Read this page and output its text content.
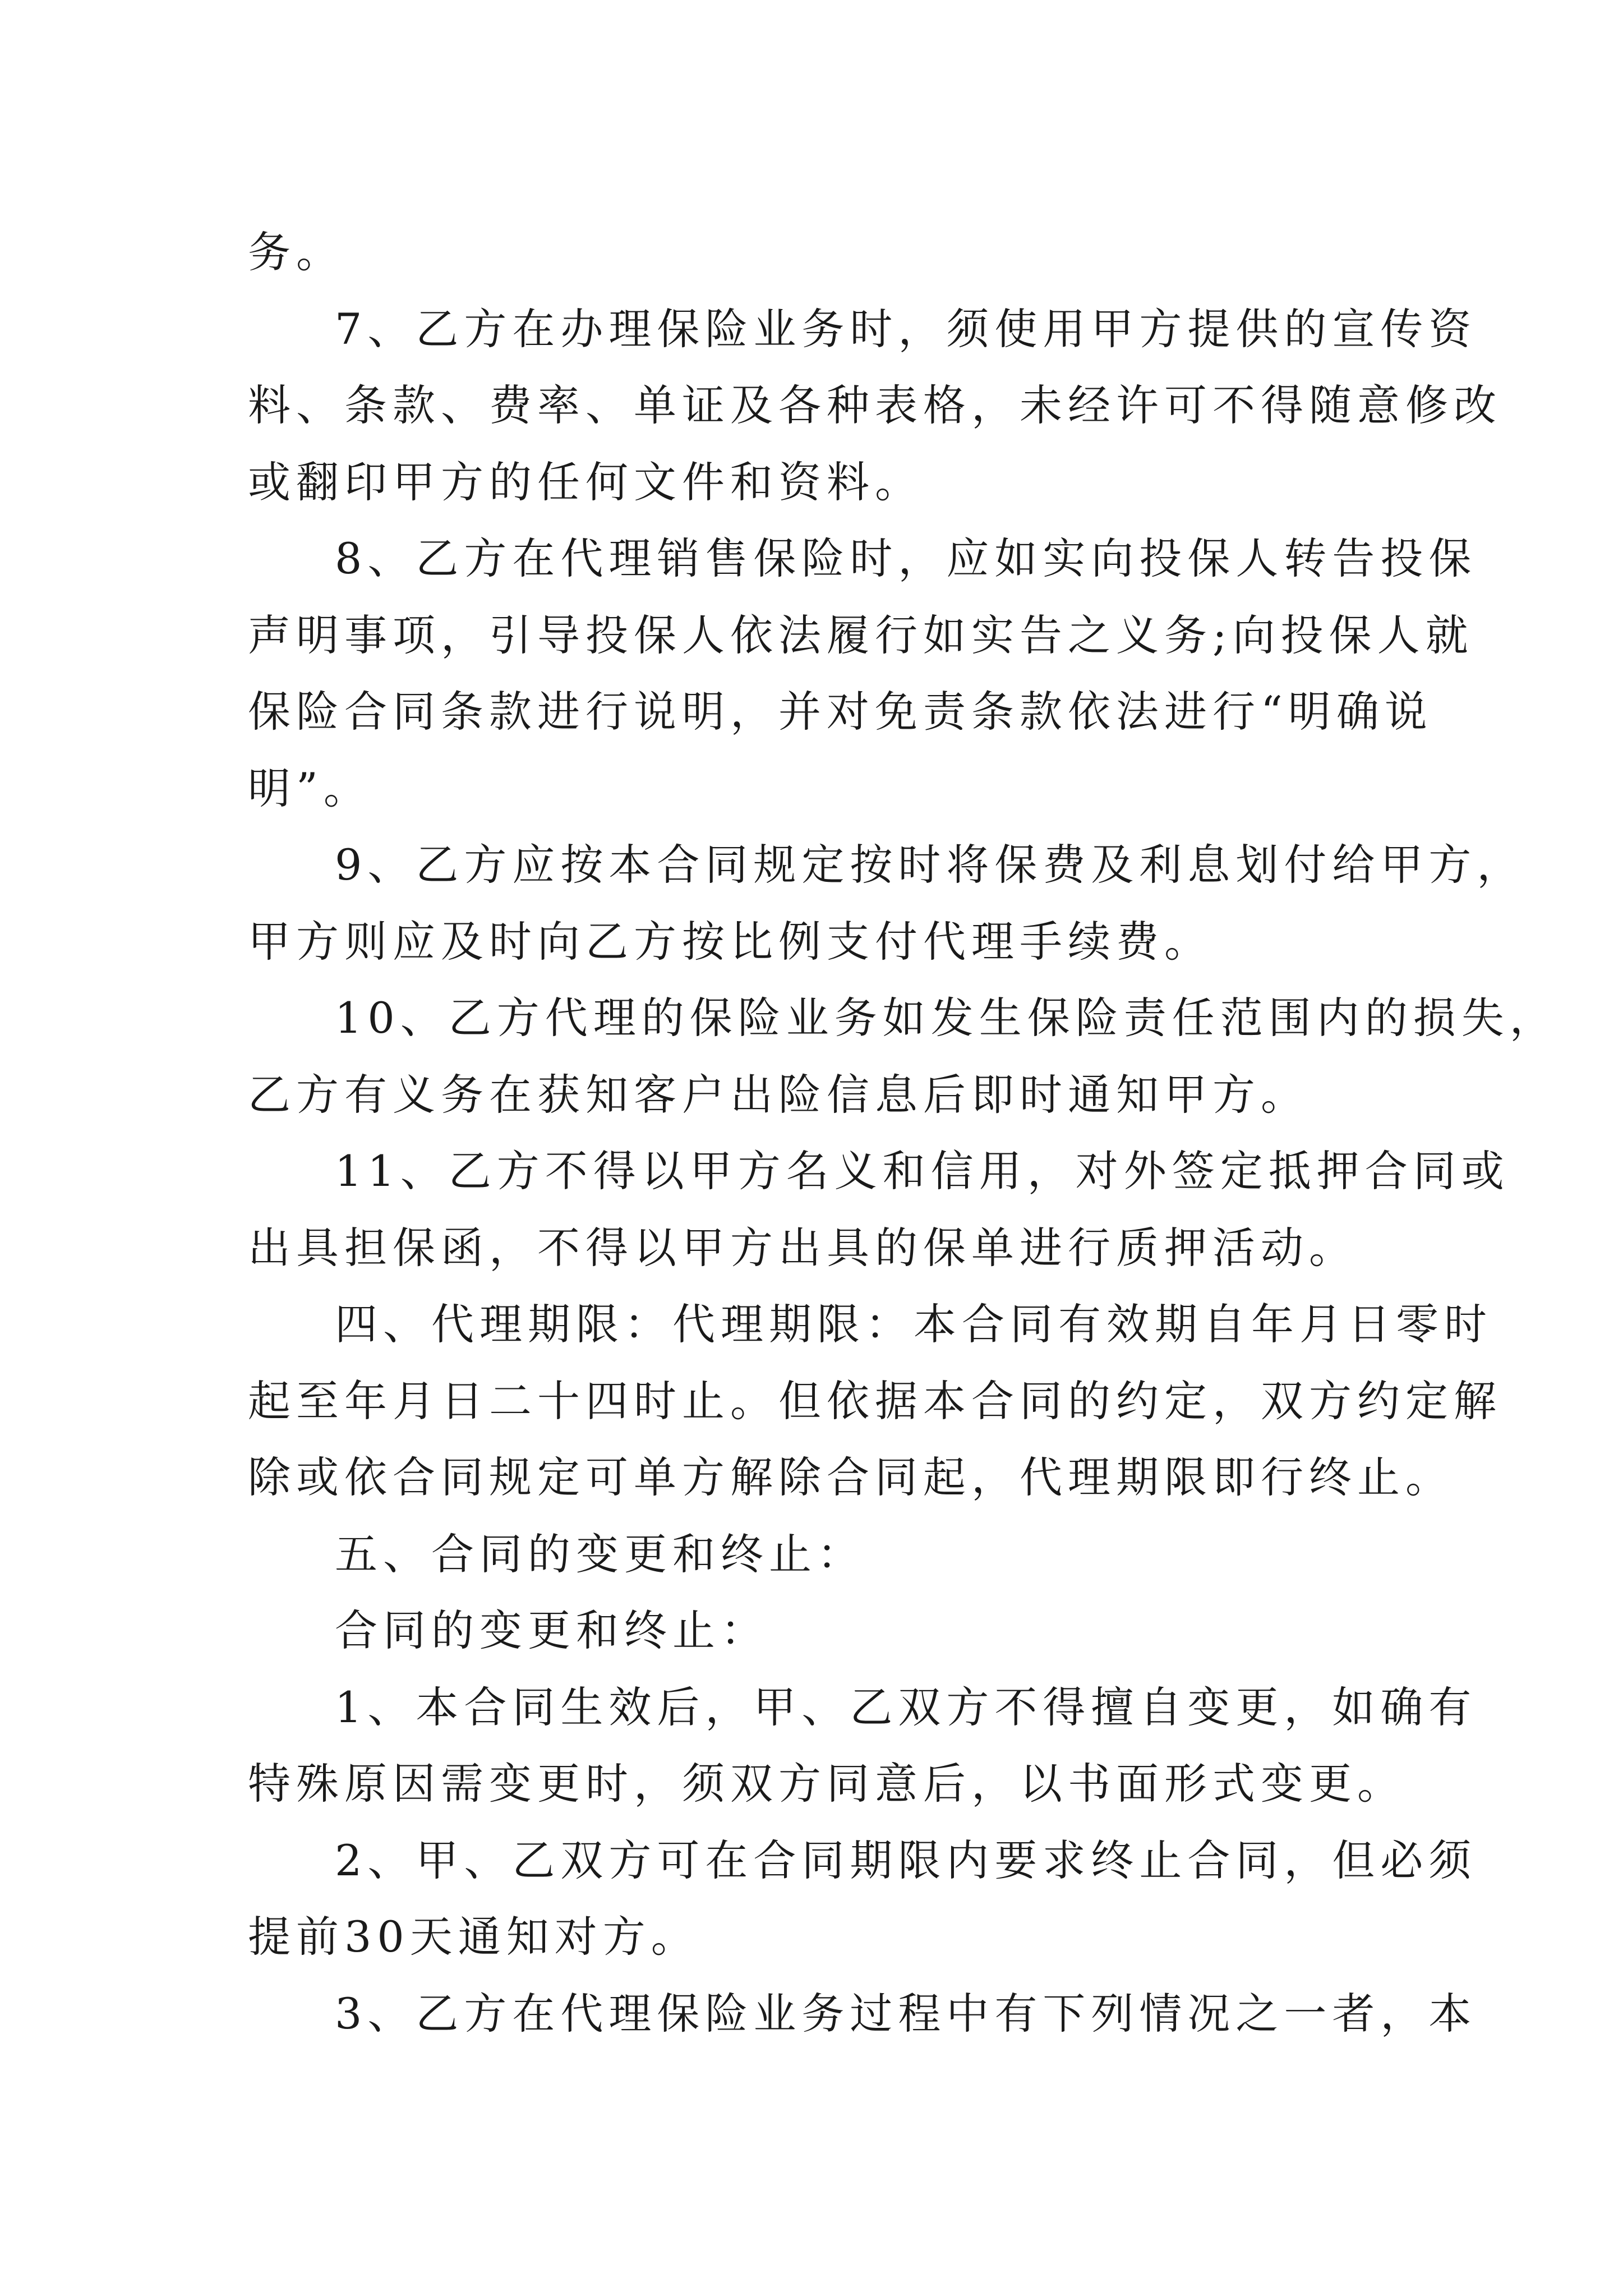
务。

7、乙方在办理保险业务时，须使用甲方提供的宣传资
料、条款、费率、单证及各种表格，未经许可不得随意修改
或翻印甲方的任何文件和资料。

8、乙方在代理销售保险时，应如实向投保人转告投保
声明事项，引导投保人依法履行如实告之义务;向投保人就
保险合同条款进行说明，并对免责条款依法进行“明确说
明”。

9、乙方应按本合同规定按时将保费及利息划付给甲方，
甲方则应及时向乙方按比例支付代理手续费。

10、乙方代理的保险业务如发生保险责任范围内的损失，
乙方有义务在获知客户出险信息后即时通知甲方。

11、乙方不得以甲方名义和信用，对外签定抵押合同或
出具担保函，不得以甲方出具的保单进行质押活动。

四、代理期限：代理期限：本合同有效期自年月日零时
起至年月日二十四时止。但依据本合同的约定，双方约定解
除或依合同规定可单方解除合同起，代理期限即行终止。

五、合同的变更和终止：

合同的变更和终止：

1、本合同生效后，甲、乙双方不得擅自变更，如确有
特殊原因需变更时，须双方同意后，以书面形式变更。

2、甲、乙双方可在合同期限内要求终止合同，但必须
提前30天通知对方。

3、乙方在代理保险业务过程中有下列情况之一者，本
